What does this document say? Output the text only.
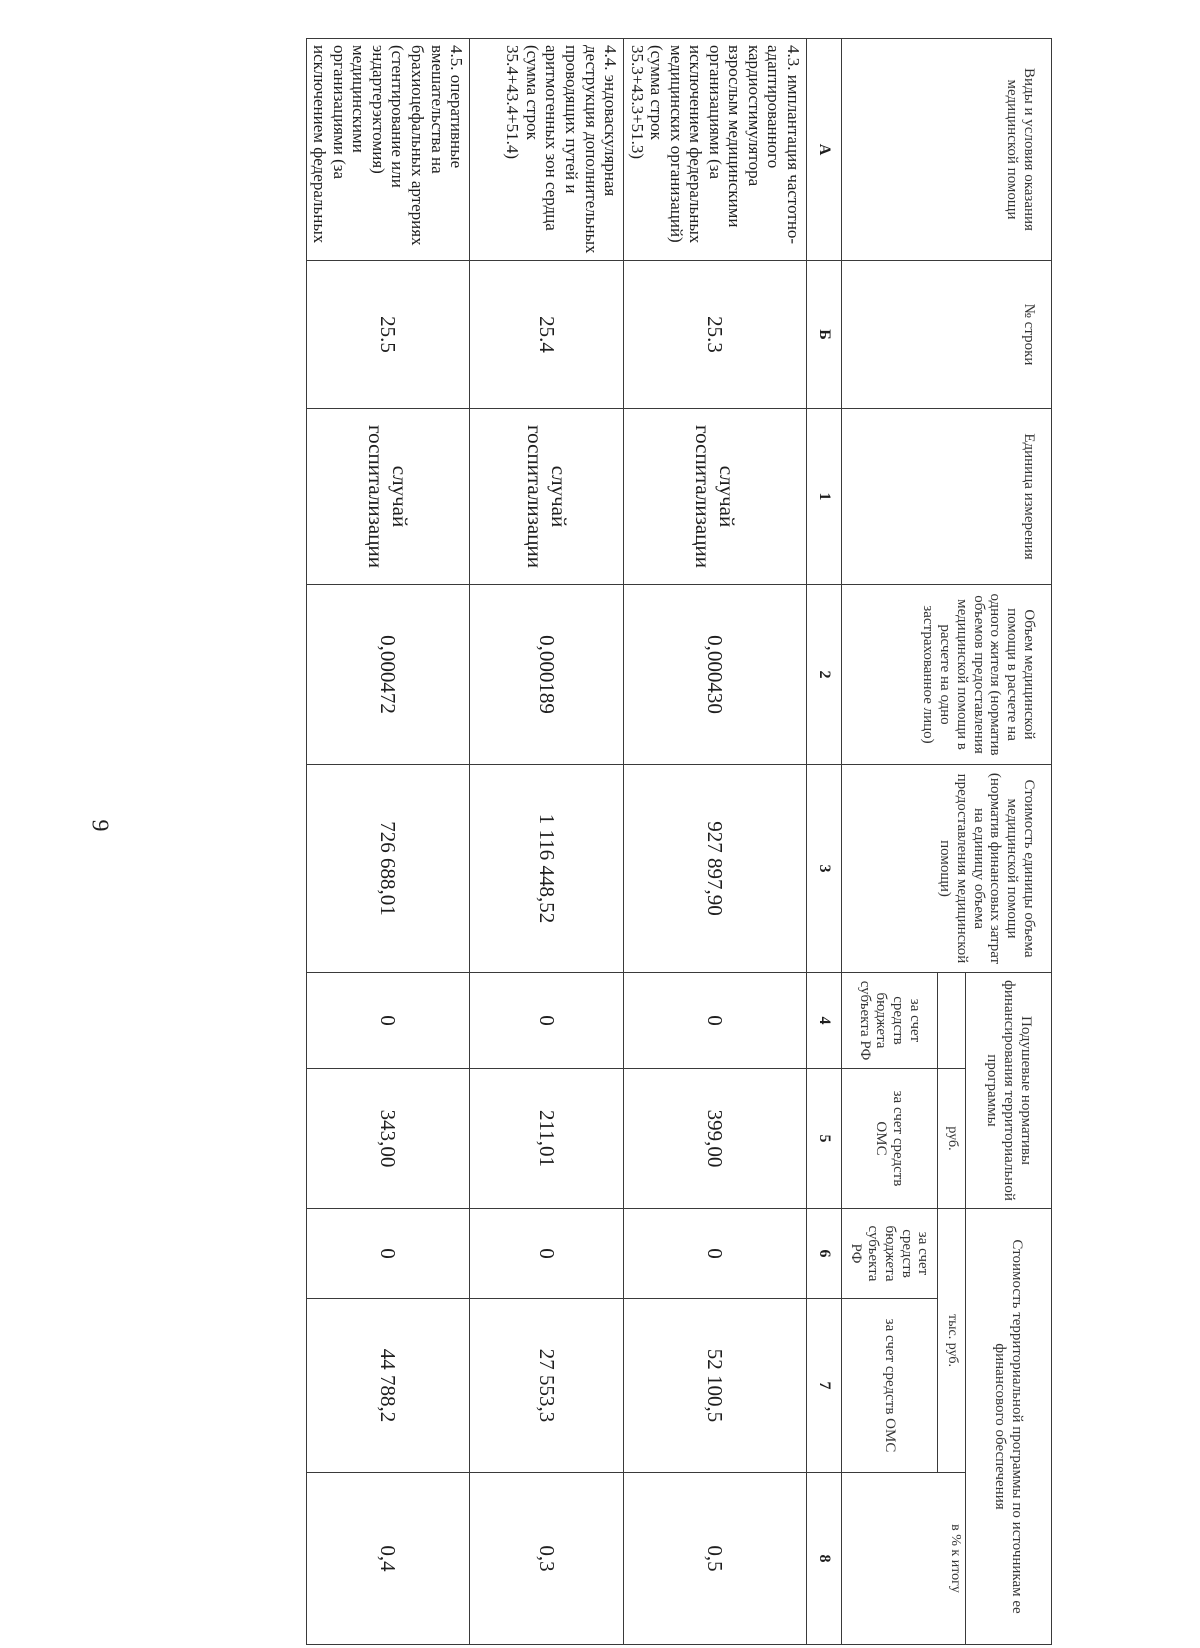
9
Виды и условия оказания медицинской помощи	№ строки	Единица измерения	Объем медицинской помощи в расчете на одного жителя (норматив объемов предоставления медицинской помощи в расчете на одно застрахованное лицо)	Стоимость единицы объема медицинской помощи (норматив финансовых затрат на единицу объема предоставления медицинской помощи)	Подушевые нормативы финансирования территориальной программы		Стоимость территориальной программы по источникам ее финансового обеспечения		
						руб.	тыс. руб.		в % к итогу
					за счет средств бюджета субъекта РФ	за счет средств ОМС	за счет средств бюджета субъекта РФ	за счет средств ОМС	
А	Б	1	2	3	4	5	6	7	8
4.3. имплантация частотно-адаптированного кардиостимулятора взрослым медицинскими организациями (за исключением федеральных медицинских организаций) (сумма строк 35.3+43.3+51.3)	25.3	случай госпитализации	0,000430	927 897,90	0	399,00	0	52 100,5	0,5
4.4. эндоваскулярная деструкция дополнительных проводящих путей и аритмогенных зон сердца (сумма строк 35.4+43.4+51.4)	25.4	случай госпитализации	0,000189	1 116 448,52	0	211,01	0	27 553,3	0,3
4.5. оперативные вмешательства на брахиоцефальных артериях (стентирование или эндартерэктомия) медицинскими организациями (за исключением федеральных	25.5	случай госпитализации	0,000472	726 688,01	0	343,00	0	44 788,2	0,4
